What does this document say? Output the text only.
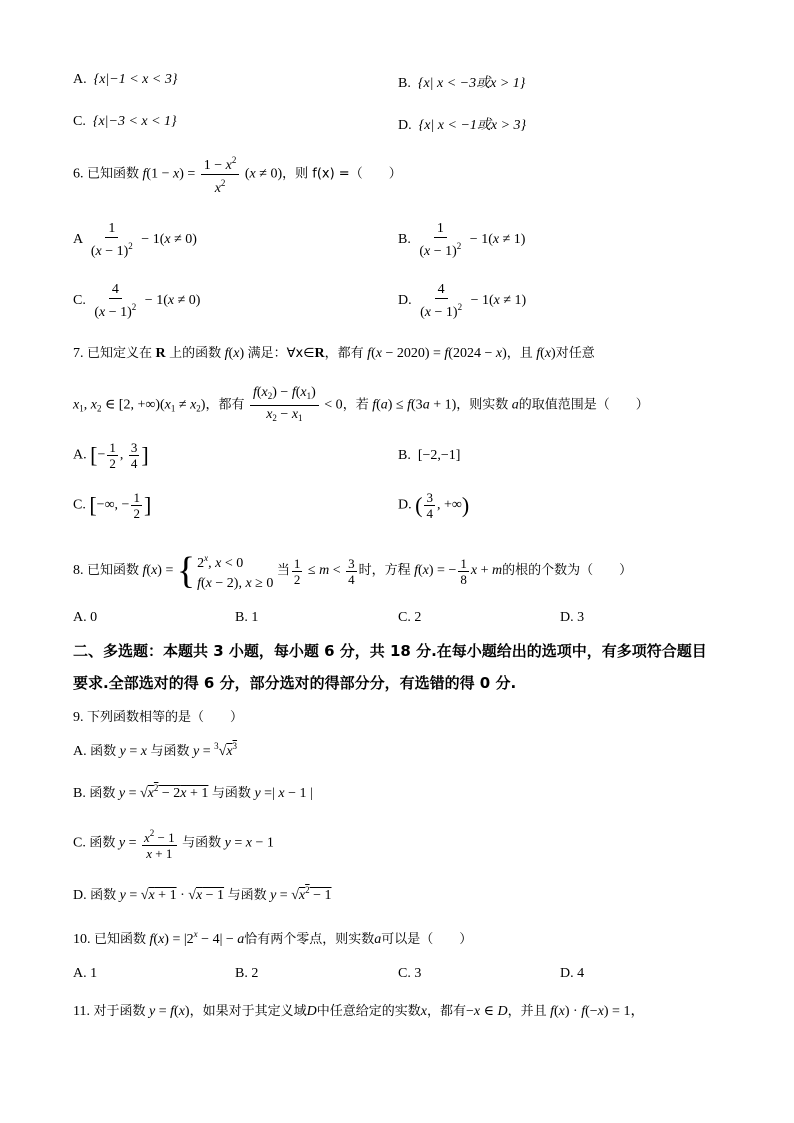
A. {x|−1 < x < 3}	B. {x| x < −3或x > 1}
C. {x|−3 < x < 1}	D. {x| x < −1或x > 3}
6. 已知函数 $f(1 - x) = \frac{1 - x^2}{x^2} (x \ne 0)$，则 f(x) =（　　）
A $\frac{1}{(x - 1)^2} - 1(x \ne 0)$	B. $\frac{1}{(x - 1)^2} - 1(x \ne 1)$
C. $\frac{4}{(x - 1)^2} - 1(x \ne 0)$	D. $\frac{4}{(x - 1)^2} - 1(x \ne 1)$
7. 已知定义在 R 上的函数 f(x) 满足：∀x∈R，都有 f(x − 2020) = f(2024 − x)，且 f(x)对任意
$x_1$, $x_2$ ∈ [2, $+\infty)(x_1 \ne x_2)$，都有 $\frac{f(x_2) - f(x_1)}{x_2 - x_1} < 0$，若 f(a) ≤ f(3a + 1)，则实数 a的取值范围是（　　）
A. [− $\frac{1}{2}$ , $\frac{3}{4}$ ]	B. [−2,−1]
C. [−∞, − $\frac{1}{2}$ ]	D. ( $\frac{3}{4}$ , +∞)
8. 已知函数 f(x) = { 2$^x$, x < 0
f(x − 2), x ≥ 0
当 $\frac{1}{2} \le m < \frac{3}{4}$ 时，方程 f(x) = − $\frac{1}{8}$ x + m的根的个数为（　　）
A. 0	B. 1	C. 2	D. 3
二、多选题：本题共 3 小题，每小题 6 分，共 18 分.在每小题给出的选项中，有多项符合题目
要求.全部选对的得 6 分，部分选对的得部分分，有选错的得 0 分.
9. 下列函数相等的是（　　）
A. 函数 y = x 与函数 $y = ^3√x^3$
B. 函数 $y = √x^2 - 2x + 1$ 与函数 y =| x − 1 |
C. 函数 $y = \frac{x^2 - 1}{x + 1}$ 与函数 y = x − 1
D. 函数 y = √x + 1 · √x − 1 与函数 $y = √x^2 - 1$
10. 已知函数 $f(x) = |2^x - 4| - a$恰有两个零点，则实数a可以是（　　）
A. 1	B. 2	C. 3	D. 4
11. 对于函数 y = f(x)，如果对于其定义域D中任意给定的实数x，都有−x ∈ D，并且 f(x) · f(−x) = 1，
